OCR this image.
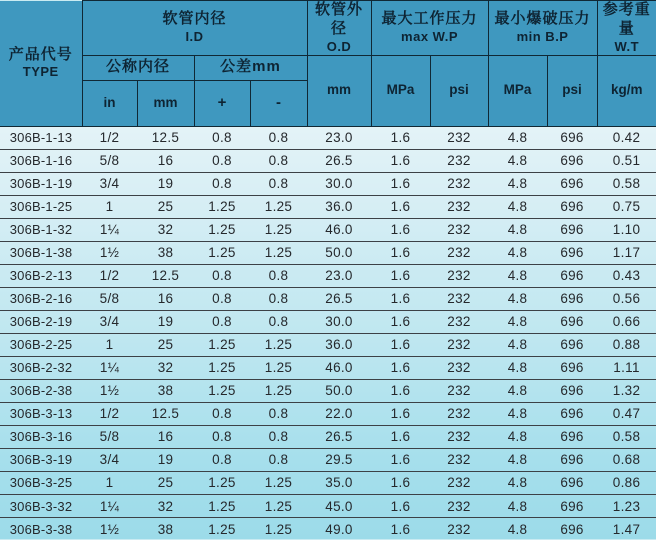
产品代号
TYPE

软管内径
I.D

软管外径
O.D

最大工作压力
max W.P

最小爆破压力
min B.P

参考重量
W.T

	公称内径		公差mm		mm	MPa	psi	MPa	psi	kg/m
	in	mm	+	-						
306B-1-13	1/2	12.5	0.8	0.8	23.0	1.6	232	4.8	696	0.42
306B-1-16	5/8	16	0.8	0.8	26.5	1.6	232	4.8	696	0.51
306B-1-19	3/4	19	0.8	0.8	30.0	1.6	232	4.8	696	0.58
306B-1-25	1	25	1.25	1.25	36.0	1.6	232	4.8	696	0.75
306B-1-32	1¼	32	1.25	1.25	46.0	1.6	232	4.8	696	1.10
306B-1-38	1½	38	1.25	1.25	50.0	1.6	232	4.8	696	1.17
306B-2-13	1/2	12.5	0.8	0.8	23.0	1.6	232	4.8	696	0.43
306B-2-16	5/8	16	0.8	0.8	26.5	1.6	232	4.8	696	0.56
306B-2-19	3/4	19	0.8	0.8	30.0	1.6	232	4.8	696	0.66
306B-2-25	1	25	1.25	1.25	36.0	1.6	232	4.8	696	0.88
306B-2-32	1¼	32	1.25	1.25	46.0	1.6	232	4.8	696	1.11
306B-2-38	1½	38	1.25	1.25	50.0	1.6	232	4.8	696	1.32
306B-3-13	1/2	12.5	0.8	0.8	22.0	1.6	232	4.8	696	0.47
306B-3-16	5/8	16	0.8	0.8	26.5	1.6	232	4.8	696	0.58
306B-3-19	3/4	19	0.8	0.8	29.5	1.6	232	4.8	696	0.68
306B-3-25	1	25	1.25	1.25	35.0	1.6	232	4.8	696	0.86
306B-3-32	1¼	32	1.25	1.25	45.0	1.6	232	4.8	696	1.23
306B-3-38	1½	38	1.25	1.25	49.0	1.6	232	4.8	696	1.47
